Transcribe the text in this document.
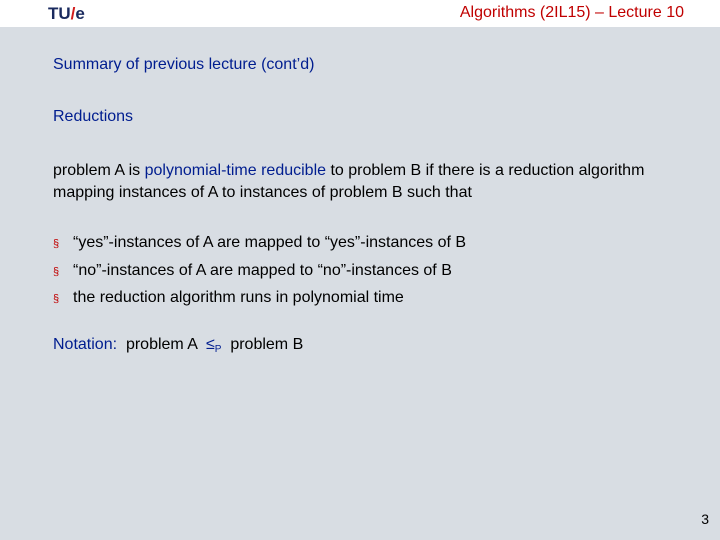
TU/e	Algorithms (2IL15) – Lecture 10
Summary of previous lecture (cont’d)
Reductions
problem A is polynomial-time reducible to problem B if there is a reduction algorithm mapping instances of A to instances of problem B such that
§ “yes”-instances of A are mapped to “yes”-instances of B
§ “no”-instances of A are mapped to “no”-instances of B
§ the reduction algorithm runs in polynomial time
Notation:  problem $A \le_P$  problem B
3
